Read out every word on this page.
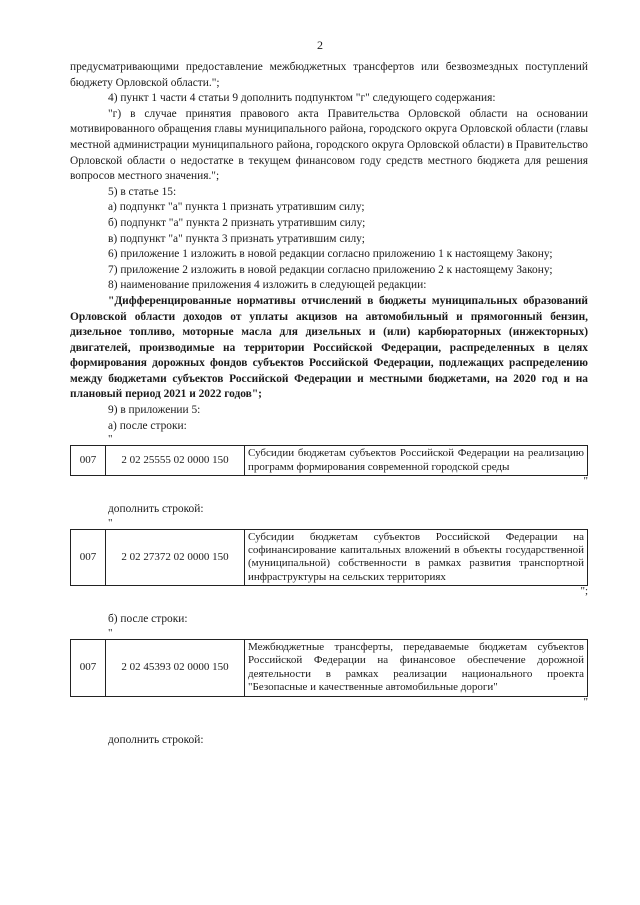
2

предусматривающими предоставление межбюджетных трансфертов или безвозмездных поступлений бюджету Орловской области.";

4) пункт 1 части 4 статьи 9 дополнить подпунктом "г" следующего содержания:

"г) в случае принятия правового акта Правительства Орловской области на основании мотивированного обращения главы муниципального района, городского округа Орловской области (главы местной администрации муниципального района, городского округа Орловской области) в Правительство Орловской области о недостатке в текущем финансовом году средств местного бюджета для решения вопросов местного значения.";

5) в статье 15:

а) подпункт "а" пункта 1 признать утратившим силу;

б) подпункт "а" пункта 2 признать утратившим силу;

в) подпункт "а" пункта 3 признать утратившим силу;

6) приложение 1 изложить в новой редакции согласно приложению 1 к настоящему Закону;

7) приложение 2 изложить в новой редакции согласно приложению 2 к настоящему Закону;

8) наименование приложения 4 изложить в следующей редакции:

"Дифференцированные нормативы отчислений в бюджеты муниципальных образований Орловской области доходов от уплаты акцизов на автомобильный и прямогонный бензин, дизельное топливо, моторные масла для дизельных и (или) карбюраторных (инжекторных) двигателей, производимые на территории Российской Федерации, распределенных в целях формирования дорожных фондов субъектов Российской Федерации, подлежащих распределению между бюджетами субъектов Российской Федерации и местными бюджетами, на 2020 год и на плановый период 2021 и 2022 годов";

9) в приложении 5:

а) после строки:

"
007	2 02 25555 02 0000 150	Субсидии бюджетам субъектов Российской Федерации на реализацию программ формирования современной городской среды
"

дополнить строкой:

"
007	2 02 27372 02 0000 150	Субсидии бюджетам субъектов Российской Федерации на софинансирование капитальных вложений в объекты государственной (муниципальной) собственности в рамках развития транспортной инфраструктуры на сельских территориях
";

б) после строки:

"
007	2 02 45393 02 0000 150	Межбюджетные трансферты, передаваемые бюджетам субъектов Российской Федерации на финансовое обеспечение дорожной деятельности в рамках реализации национального проекта "Безопасные и качественные автомобильные дороги"
"

дополнить строкой:
